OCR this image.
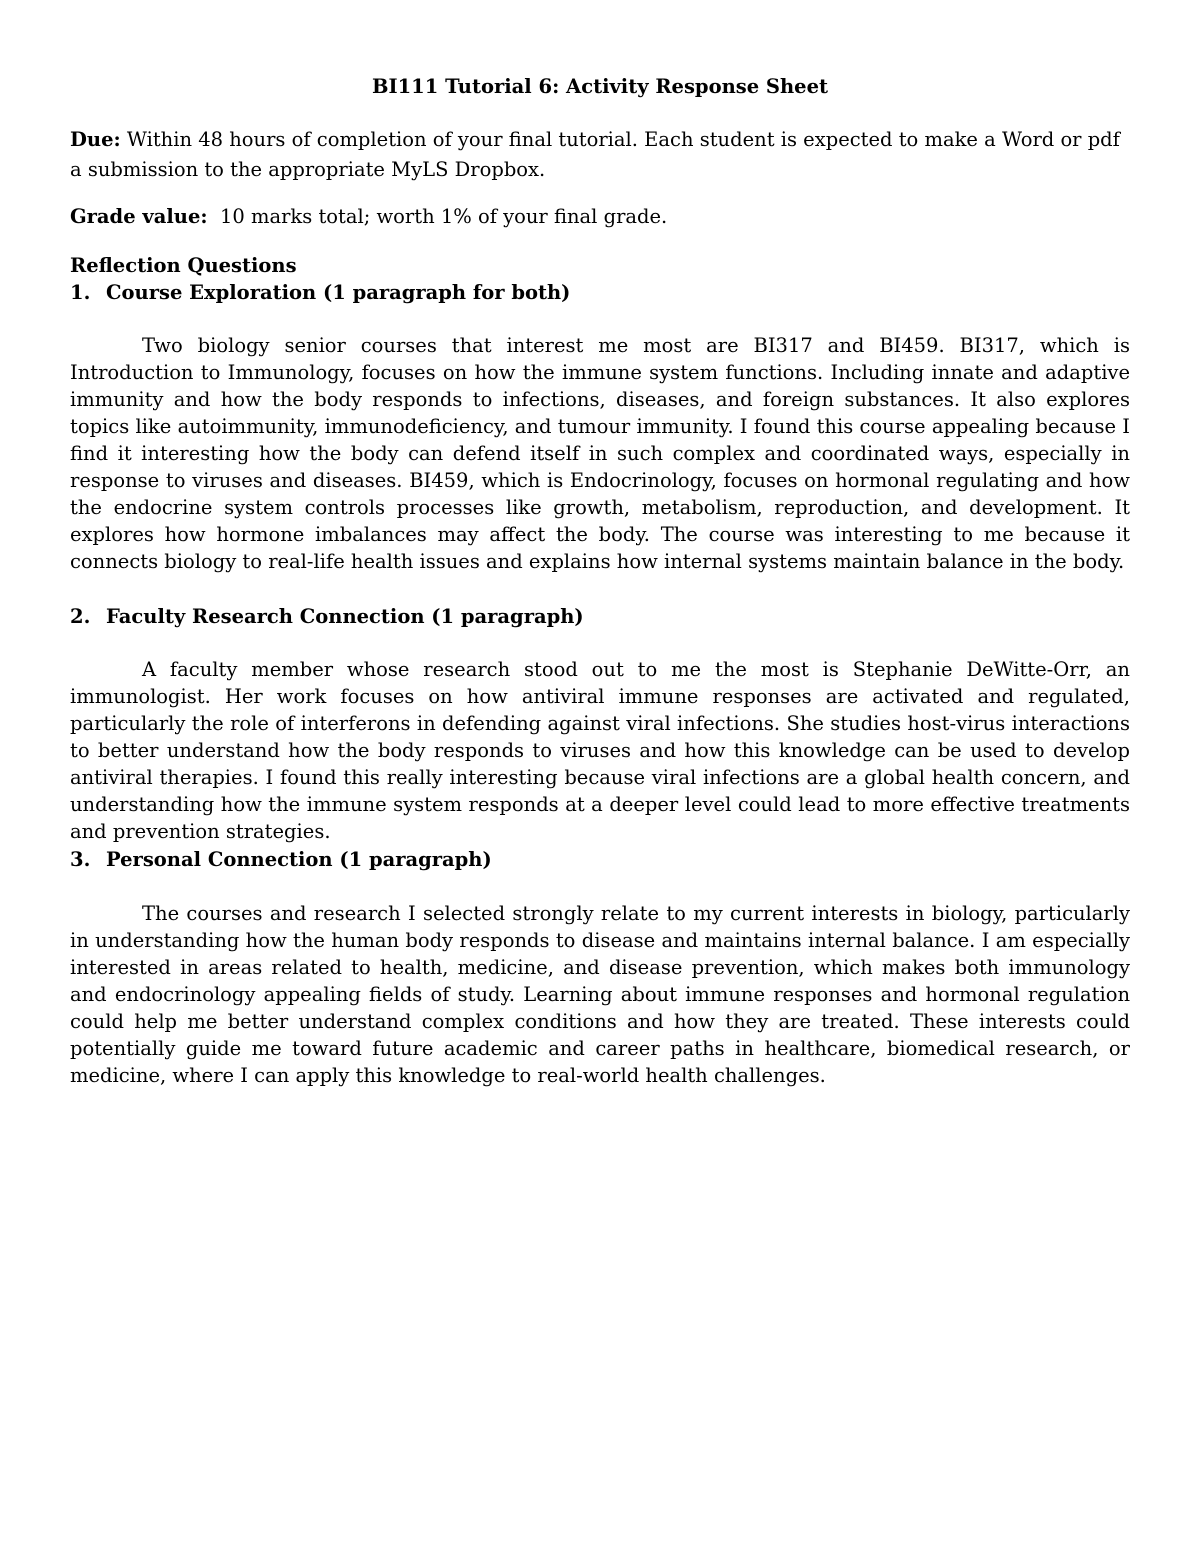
BI111 Tutorial 6: Activity Response Sheet
Due: Within 48 hours of completion of your final tutorial. Each student is expected to make a Word or pdf a submission to the appropriate MyLS Dropbox.
Grade value: 10 marks total; worth 1% of your final grade.
Reflection Questions
1. Course Exploration (1 paragraph for both)

Two biology senior courses that interest me most are BI317 and BI459. BI317, which is Introduction to Immunology, focuses on how the immune system functions. Including innate and adaptive immunity and how the body responds to infections, diseases, and foreign substances. It also explores topics like autoimmunity, immunodeficiency, and tumour immunity. I found this course appealing because I find it interesting how the body can defend itself in such complex and coordinated ways, especially in response to viruses and diseases. BI459, which is Endocrinology, focuses on hormonal regulating and how the endocrine system controls processes like growth, metabolism, reproduction, and development. It explores how hormone imbalances may affect the body. The course was interesting to me because it connects biology to real-life health issues and explains how internal systems maintain balance in the body.

2. Faculty Research Connection (1 paragraph)

A faculty member whose research stood out to me the most is Stephanie DeWitte-Orr, an immunologist. Her work focuses on how antiviral immune responses are activated and regulated, particularly the role of interferons in defending against viral infections. She studies host-virus interactions to better understand how the body responds to viruses and how this knowledge can be used to develop antiviral therapies. I found this really interesting because viral infections are a global health concern, and understanding how the immune system responds at a deeper level could lead to more effective treatments and prevention strategies.

3. Personal Connection (1 paragraph)

The courses and research I selected strongly relate to my current interests in biology, particularly in understanding how the human body responds to disease and maintains internal balance. I am especially interested in areas related to health, medicine, and disease prevention, which makes both immunology and endocrinology appealing fields of study. Learning about immune responses and hormonal regulation could help me better understand complex conditions and how they are treated. These interests could potentially guide me toward future academic and career paths in healthcare, biomedical research, or medicine, where I can apply this knowledge to real-world health challenges.
